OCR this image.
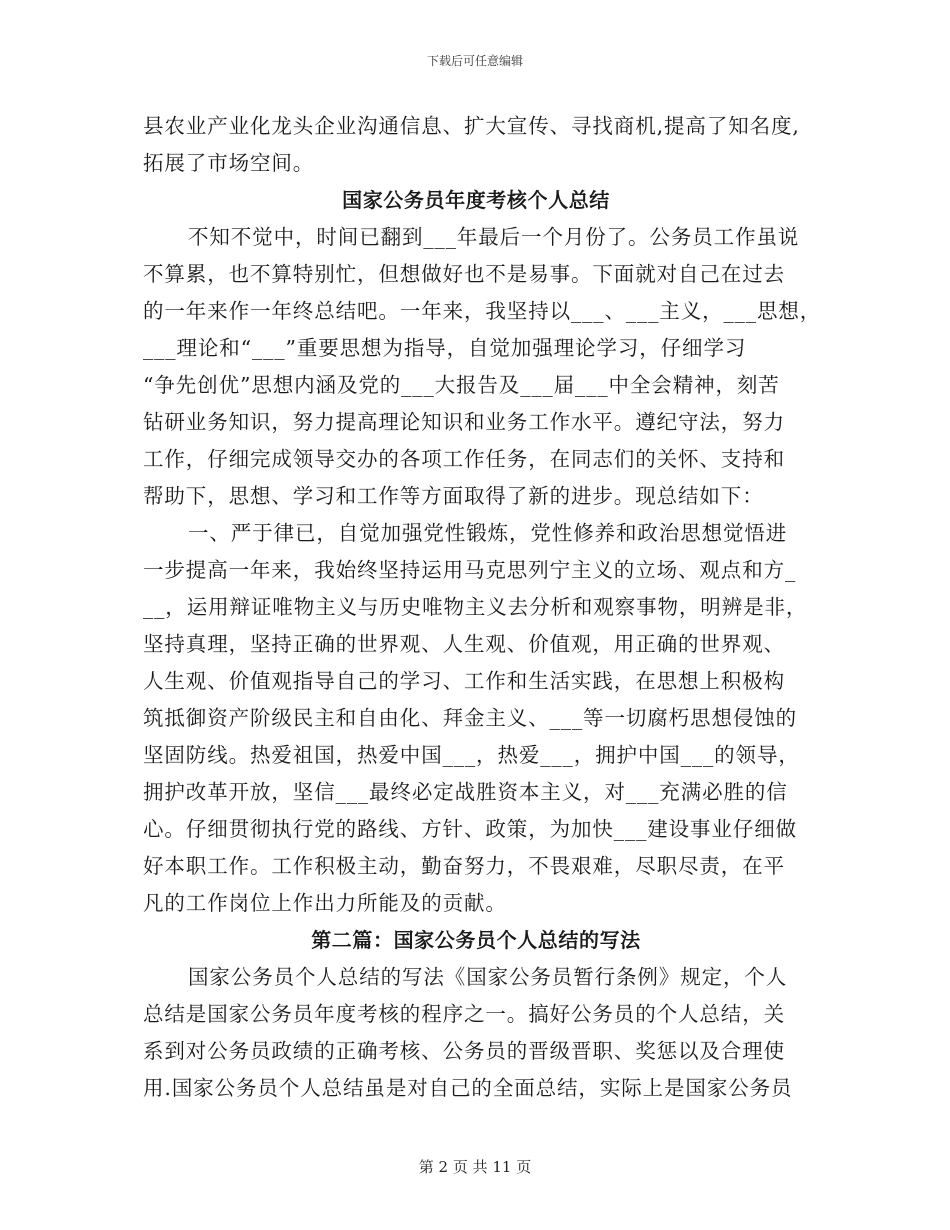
下载后可任意编辑
县农业产业化龙头企业沟通信息、扩大宣传、寻找商机,提高了知名度,
拓展了市场空间。
国家公务员年度考核个人总结
不知不觉中，时间已翻到___年最后一个月份了。公务员工作虽说
不算累，也不算特别忙，但想做好也不是易事。下面就对自己在过去
的一年来作一年终总结吧。一年来，我坚持以___、___主义，___思想，
___理论和“___”重要思想为指导，自觉加强理论学习，仔细学习
“争先创优”思想内涵及党的___大报告及___届___中全会精神，刻苦
钻研业务知识，努力提高理论知识和业务工作水平。遵纪守法，努力
工作，仔细完成领导交办的各项工作任务，在同志们的关怀、支持和
帮助下，思想、学习和工作等方面取得了新的进步。现总结如下：
一、严于律已，自觉加强党性锻炼，党性修养和政治思想觉悟进
一步提高一年来，我始终坚持运用马克思列宁主义的立场、观点和方_
__，运用辩证唯物主义与历史唯物主义去分析和观察事物，明辨是非，
坚持真理，坚持正确的世界观、人生观、价值观，用正确的世界观、
人生观、价值观指导自己的学习、工作和生活实践，在思想上积极构
筑抵御资产阶级民主和自由化、拜金主义、___等一切腐朽思想侵蚀的
坚固防线。热爱祖国，热爱中国___，热爱___，拥护中国___的领导，
拥护改革开放，坚信___最终必定战胜资本主义，对___充满必胜的信
心。仔细贯彻执行党的路线、方针、政策，为加快___建设事业仔细做
好本职工作。工作积极主动，勤奋努力，不畏艰难，尽职尽责，在平
凡的工作岗位上作出力所能及的贡献。
第二篇：国家公务员个人总结的写法
国家公务员个人总结的写法《国家公务员暂行条例》规定，个人
总结是国家公务员年度考核的程序之一。搞好公务员的个人总结，关
系到对公务员政绩的正确考核、公务员的晋级晋职、奖惩以及合理使
用.国家公务员个人总结虽是对自己的全面总结，实际上是国家公务员
第 2 页 共 11 页
